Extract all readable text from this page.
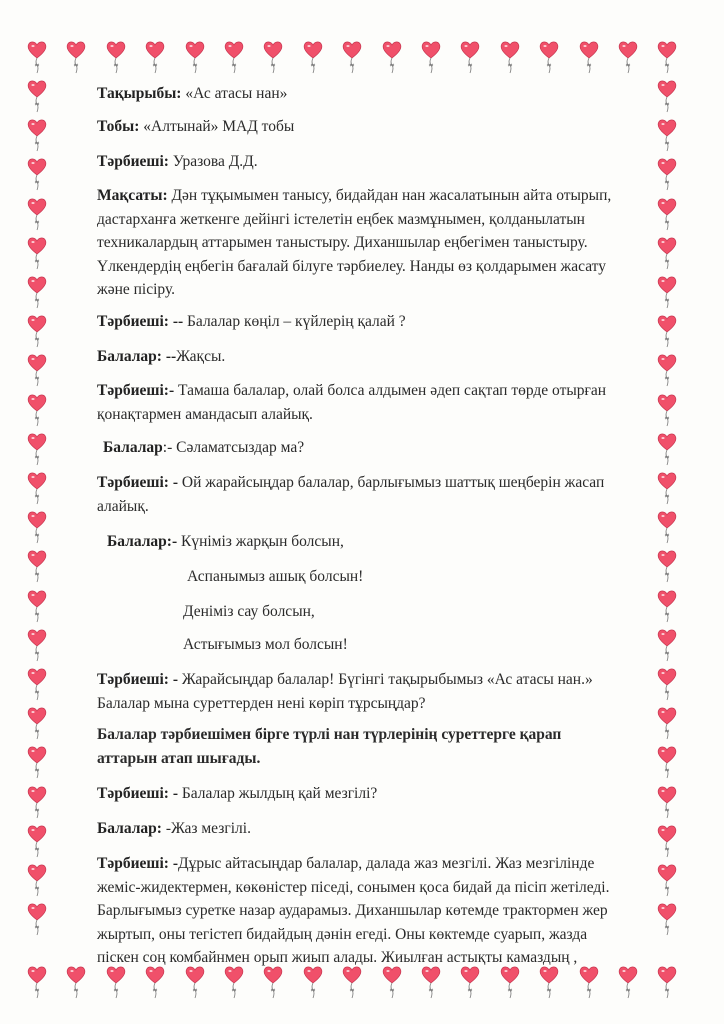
Тақырыбы: «Ас атасы нан»
Тобы: «Алтынай» МАД тобы
Тәрбиеші: Уразова Д.Д.
Мақсаты: Дән тұқымымен танысу, бидайдан нан жасалатынын айта отырып,
дастарханға жеткенге дейінгі істелетін еңбек мазмұнымен, қолданылатын
техникалардың аттарымен таныстыру. Диханшылар еңбегімен таныстыру.
Үлкендердің еңбегін бағалай білуге тәрбиелеу. Нанды өз қолдарымен жасату
және пісіру.
Тәрбиеші: -- Балалар көңіл – күйлерің қалай ?
Балалар: --Жақсы.
Тәрбиеші:- Тамаша балалар, олай болса алдымен әдеп сақтап төрде отырған
қонақтармен амандасып алайық.
Балалар:- Сәламатсыздар ма?
Тәрбиеші: - Ой жарайсыңдар балалар, барлығымыз шаттық шеңберін жасап
алайық.
Балалар:- Күніміз жарқын болсын,
Аспанымыз ашық болсын!
Деніміз сау болсын,
Астығымыз мол болсын!
Тәрбиеші: - Жарайсыңдар балалар! Бүгінгі тақырыбымыз «Ас атасы нан.»
Балалар мына суреттерден нені көріп тұрсыңдар?
Балалар тәрбиешімен бірге түрлі нан түрлерінің суреттерге қарап
аттарын атап шығады.
Тәрбиеші: - Балалар жылдың қай мезгілі?
Балалар: -Жаз мезгілі.
Тәрбиеші: -Дұрыс айтасыңдар балалар, далада жаз мезгілі. Жаз мезгілінде
жеміс-жидектермен, көкөністер піседі, сонымен қоса бидай да пісіп жетіледі.
Барлығымыз суретке назар аударамыз. Диханшылар көтемде трактормен жер
жыртып, оны тегістеп бидайдың дәнін егеді. Оны көктемде суарып, жазда
піскен соң комбайнмен орып жиып алады. Жиылған астықты камаздың ,
